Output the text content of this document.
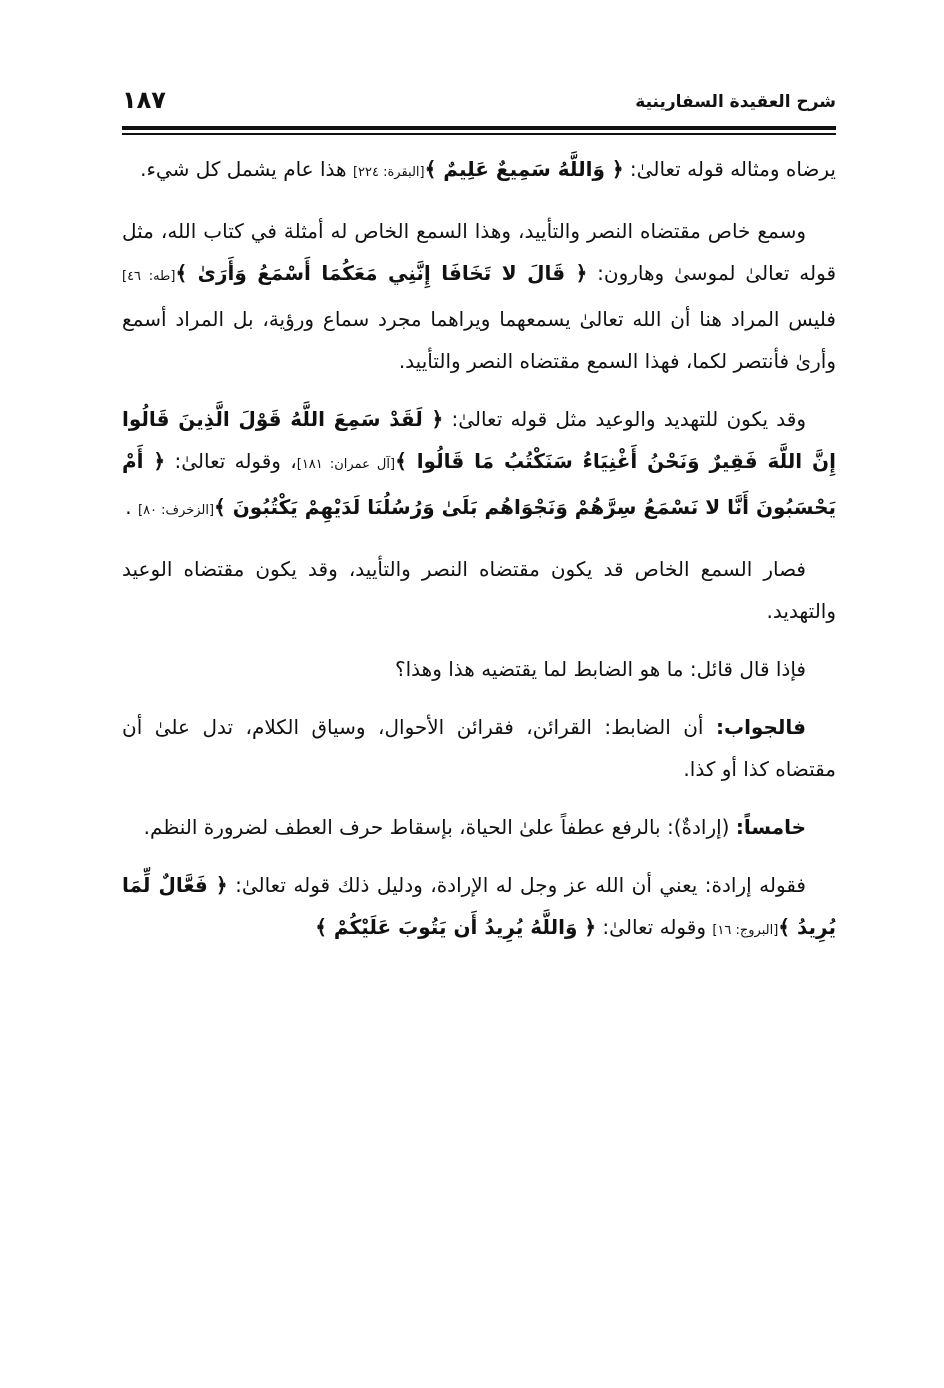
١٨٧	شرح العقيدة السفارينية

يرضاه ومثاله قوله تعالىٰ: ﴿ وَاللَّهُ سَمِيعٌ عَلِيمٌ ﴾[البقرة: ٢٢٤] هذا عام يشمل كل شيء.

وسمع خاص مقتضاه النصر والتأييد، وهذا السمع الخاص له أمثلة في كتاب الله، مثل قوله تعالىٰ لموسىٰ وهارون: ﴿ قَالَ لا تَخَافَا إِنَّنِي مَعَكُمَا أَسْمَعُ وَأَرَىٰ ﴾[طه: ٤٦] فليس المراد هنا أن الله تعالىٰ يسمعهما ويراهما مجرد سماع ورؤية، بل المراد أسمع وأرىٰ فأنتصر لكما، فهذا السمع مقتضاه النصر والتأييد.

وقد يكون للتهديد والوعيد مثل قوله تعالىٰ: ﴿ لَقَدْ سَمِعَ اللَّهُ قَوْلَ الَّذِينَ قَالُوا إِنَّ اللَّهَ فَقِيرٌ وَنَحْنُ أَغْنِيَاءُ سَنَكْتُبُ مَا قَالُوا ﴾[آل عمران: ١٨١]، وقوله تعالىٰ: ﴿ أَمْ يَحْسَبُونَ أَنَّا لا نَسْمَعُ سِرَّهُمْ وَنَجْوَاهُم بَلَىٰ وَرُسُلُنَا لَدَيْهِمْ يَكْتُبُونَ ﴾[الزخرف: ٨٠] .

فصار السمع الخاص قد يكون مقتضاه النصر والتأييد، وقد يكون مقتضاه الوعيد والتهديد.

فإذا قال قائل: ما هو الضابط لما يقتضيه هذا وهذا؟

فالجواب: أن الضابط: القرائن، فقرائن الأحوال، وسياق الكلام، تدل علىٰ أن مقتضاه كذا أو كذا.

خامساً: (إرادةٌ): بالرفع عطفاً علىٰ الحياة، بإسقاط حرف العطف لضرورة النظم.

فقوله إرادة: يعني أن الله عز وجل له الإرادة، ودليل ذلك قوله تعالىٰ: ﴿ فَعَّالٌ لِّمَا يُرِيدُ ﴾[البروج: ١٦] وقوله تعالىٰ: ﴿ وَاللَّهُ يُرِيدُ أَن يَتُوبَ عَلَيْكُمْ ﴾
